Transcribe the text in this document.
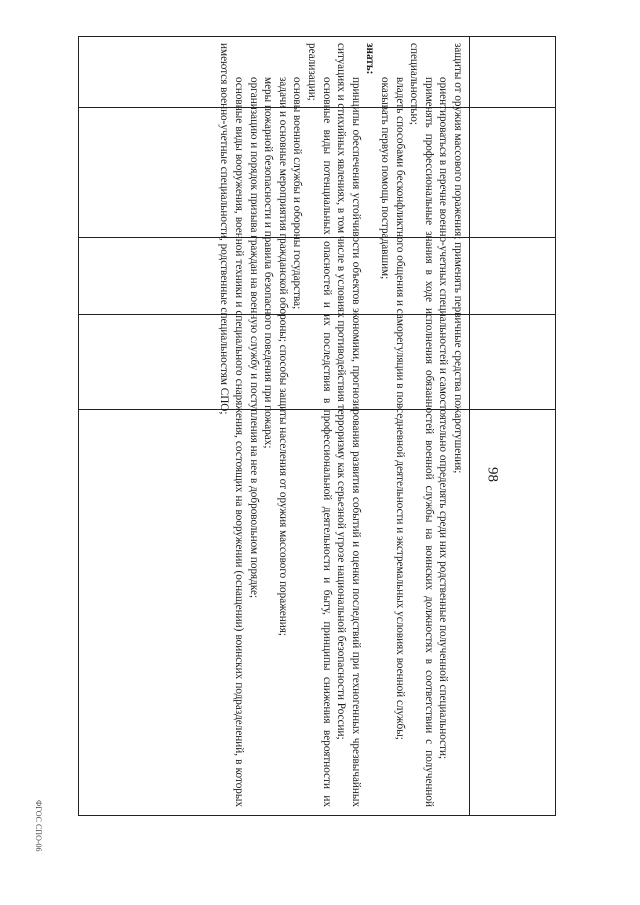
98

защиты от оружия массового поражения; применять первичные средства пожаротушения;

ориентироваться в перечне военно-учетных специальностей и самостоятельно определять среди них родственные полученной специальности;

применять профессиональные знания в ходе исполнения обязанностей военной службы на воинских должностях в соответствии с полученной специальностью;

владеть способами бесконфликтного общения и саморегуляции в повседневной деятельности и экстремальных условиях военной службы;

оказывать первую помощь пострадавшим;

знать:

принципы обеспечения устойчивости объектов экономики, прогнозирования развития событий и оценки последствий при техногенных чрезвычайных ситуациях и стихийных явлениях, в том числе в условиях противодействия терроризму как серьезной угрозе национальной безопасности России;

основные виды потенциальных опасностей и их последствия в профессиональной деятельности и быту, принципы снижения вероятности их реализации;

основы военной службы и обороны государства;

задачи и основные мероприятия гражданской обороны; способы защиты населения от оружия массового поражения;

меры пожарной безопасности и правила безопасного поведения при пожарах;

организацию и порядок призыва граждан на военную службу и поступления на нее в добровольном порядке;

основные виды вооружения, военной техники и специального снаряжения, состоящих на вооружении (оснащении) воинских подразделений, в которых имеются военно-учетные специальности, родственные специальностям СПО;

ФГОС СПО-06
